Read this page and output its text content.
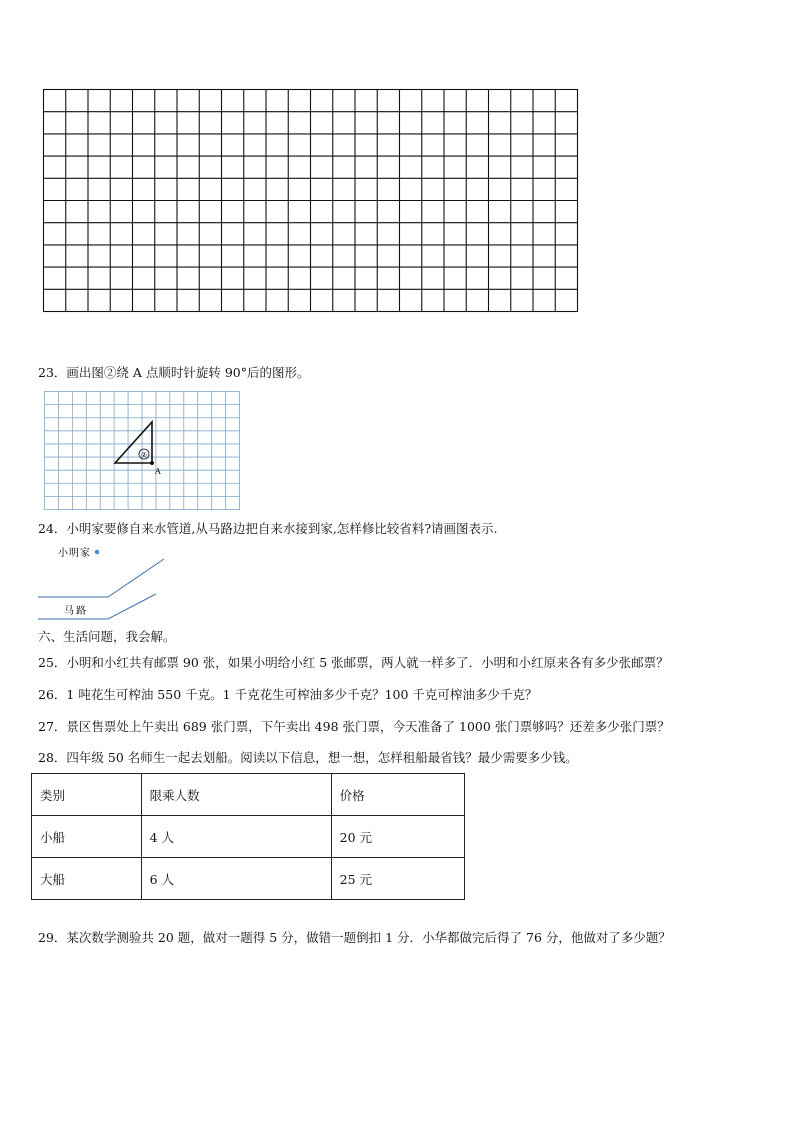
23．画出图②绕 A 点顺时针旋转 90°后的图形。
②
A
24．小明家要修自来水管道,从马路边把自来水接到家,怎样修比较省料?请画图表示.
小明家
马路
六、生活问题，我会解。
25．小明和小红共有邮票 90 张，如果小明给小红 5 张邮票，两人就一样多了．小明和小红原来各有多少张邮票？
26．1 吨花生可榨油 550 千克。1 千克花生可榨油多少千克？100 千克可榨油多少千克？
27．景区售票处上午卖出 689 张门票，下午卖出 498 张门票，今天准备了 1000 张门票够吗？还差多少张门票？
28．四年级 50 名师生一起去划船。阅读以下信息，想一想，怎样租船最省钱？最少需要多少钱。
类别	限乘人数	价格
小船	4 人	20 元
大船	6 人	25 元
29．某次数学测验共 20 题，做对一题得 5 分，做错一题倒扣 1 分．小华都做完后得了 76 分，他做对了多少题？
